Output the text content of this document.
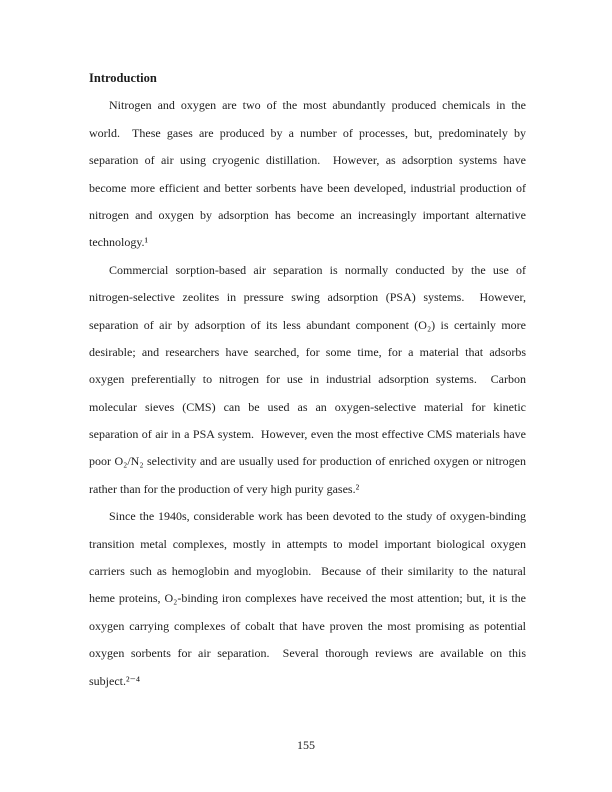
Introduction
Nitrogen and oxygen are two of the most abundantly produced chemicals in the
world.  These gases are produced by a number of processes, but, predominately by
separation of air using cryogenic distillation.  However, as adsorption systems have
become more efficient and better sorbents have been developed, industrial production of
nitrogen and oxygen by adsorption has become an increasingly important alternative
technology.¹
Commercial sorption-based air separation is normally conducted by the use of
nitrogen-selective zeolites in pressure swing adsorption (PSA) systems.  However,
separation of air by adsorption of its less abundant component (O₂) is certainly more
desirable; and researchers have searched, for some time, for a material that adsorbs
oxygen preferentially to nitrogen for use in industrial adsorption systems.  Carbon
molecular sieves (CMS) can be used as an oxygen-selective material for kinetic
separation of air in a PSA system.  However, even the most effective CMS materials have
poor O₂/N₂ selectivity and are usually used for production of enriched oxygen or nitrogen
rather than for the production of very high purity gases.²
Since the 1940s, considerable work has been devoted to the study of oxygen-binding
transition metal complexes, mostly in attempts to model important biological oxygen
carriers such as hemoglobin and myoglobin.  Because of their similarity to the natural
heme proteins, O₂-binding iron complexes have received the most attention; but, it is the
oxygen carrying complexes of cobalt that have proven the most promising as potential
oxygen sorbents for air separation.  Several thorough reviews are available on this
subject.²⁻⁴
155
